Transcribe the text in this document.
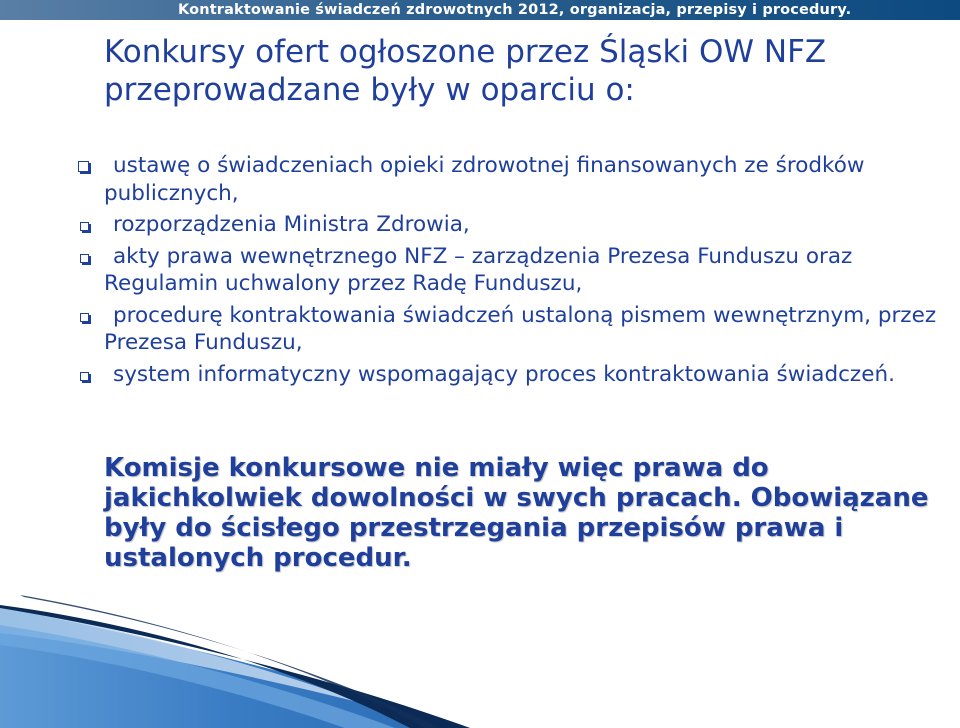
Kontraktowanie świadczeń zdrowotnych 2012, organizacja, przepisy i procedury.
Konkursy ofert ogłoszone przez Śląski OW NFZ przeprowadzane były w oparciu o:
ustawę o świadczeniach opieki zdrowotnej finansowanych ze środków publicznych,
rozporządzenia Ministra Zdrowia,
akty prawa wewnętrznego NFZ – zarządzenia Prezesa Funduszu oraz Regulamin uchwalony przez Radę Funduszu,
procedurę kontraktowania świadczeń ustaloną pismem wewnętrznym, przez Prezesa Funduszu,
system informatyczny wspomagający proces kontraktowania świadczeń.
Komisje konkursowe nie miały więc prawa do
jakichkolwiek dowolności w swych pracach. Obowiązane
były do ścisłego przestrzegania przepisów prawa i
ustalonych procedur.
